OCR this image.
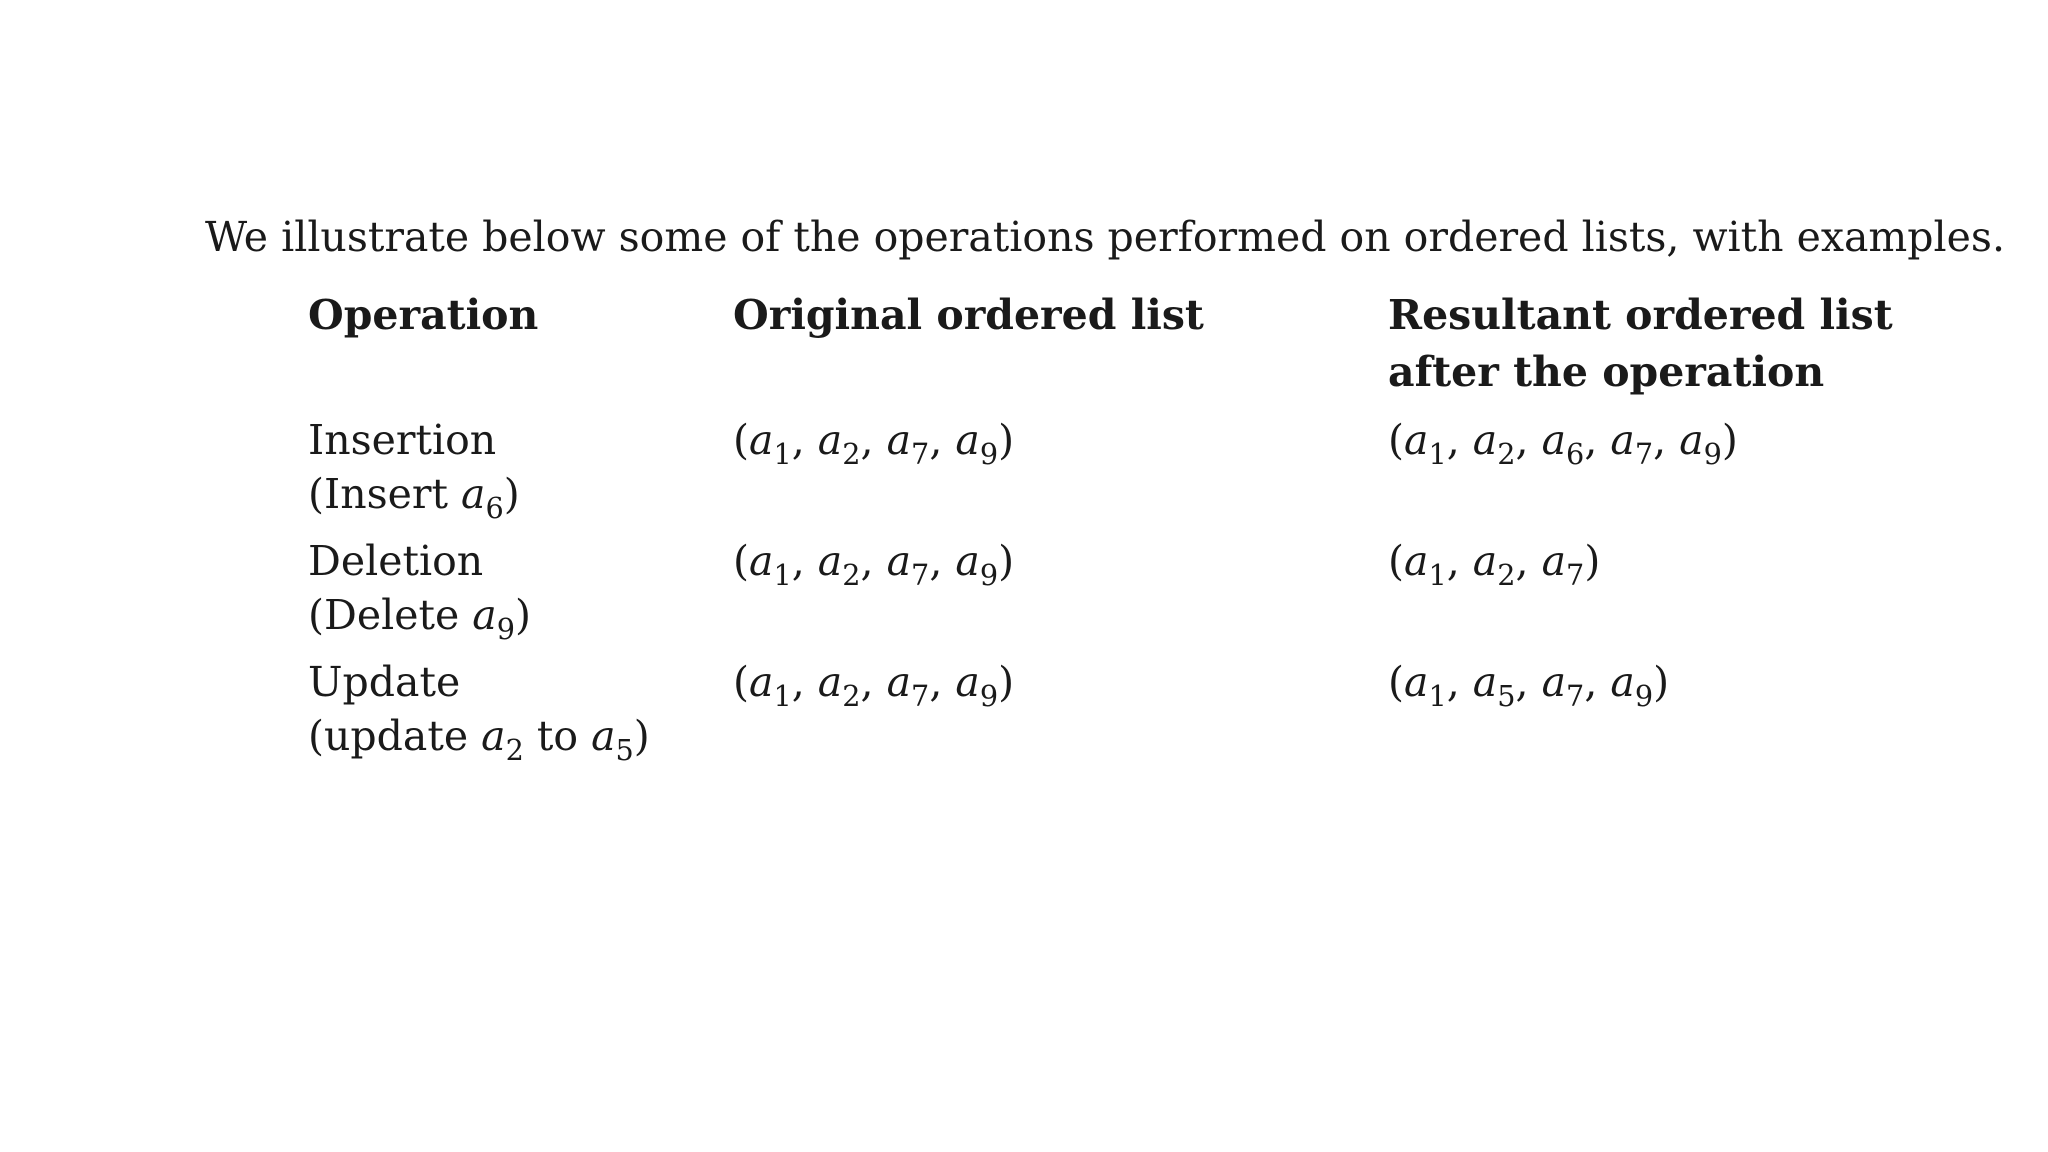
We illustrate below some of the operations performed on ordered lists, with examples.

Operation	Original ordered list	Resultant ordered list after the operation
Insertion
(Insert $a_6$)
($a_1$, $a_2$, $a_7$, $a_9$)	($a_1$, $a_2$, $a_6$, $a_7$, $a_9$)
Deletion
(Delete $a_9$)
($a_1$, $a_2$, $a_7$, $a_9$)	($a_1$, $a_2$, $a_7$)
Update
(update $a_2$ to $a_5$)
($a_1$, $a_2$, $a_7$, $a_9$)	($a_1$, $a_5$, $a_7$, $a_9$)
